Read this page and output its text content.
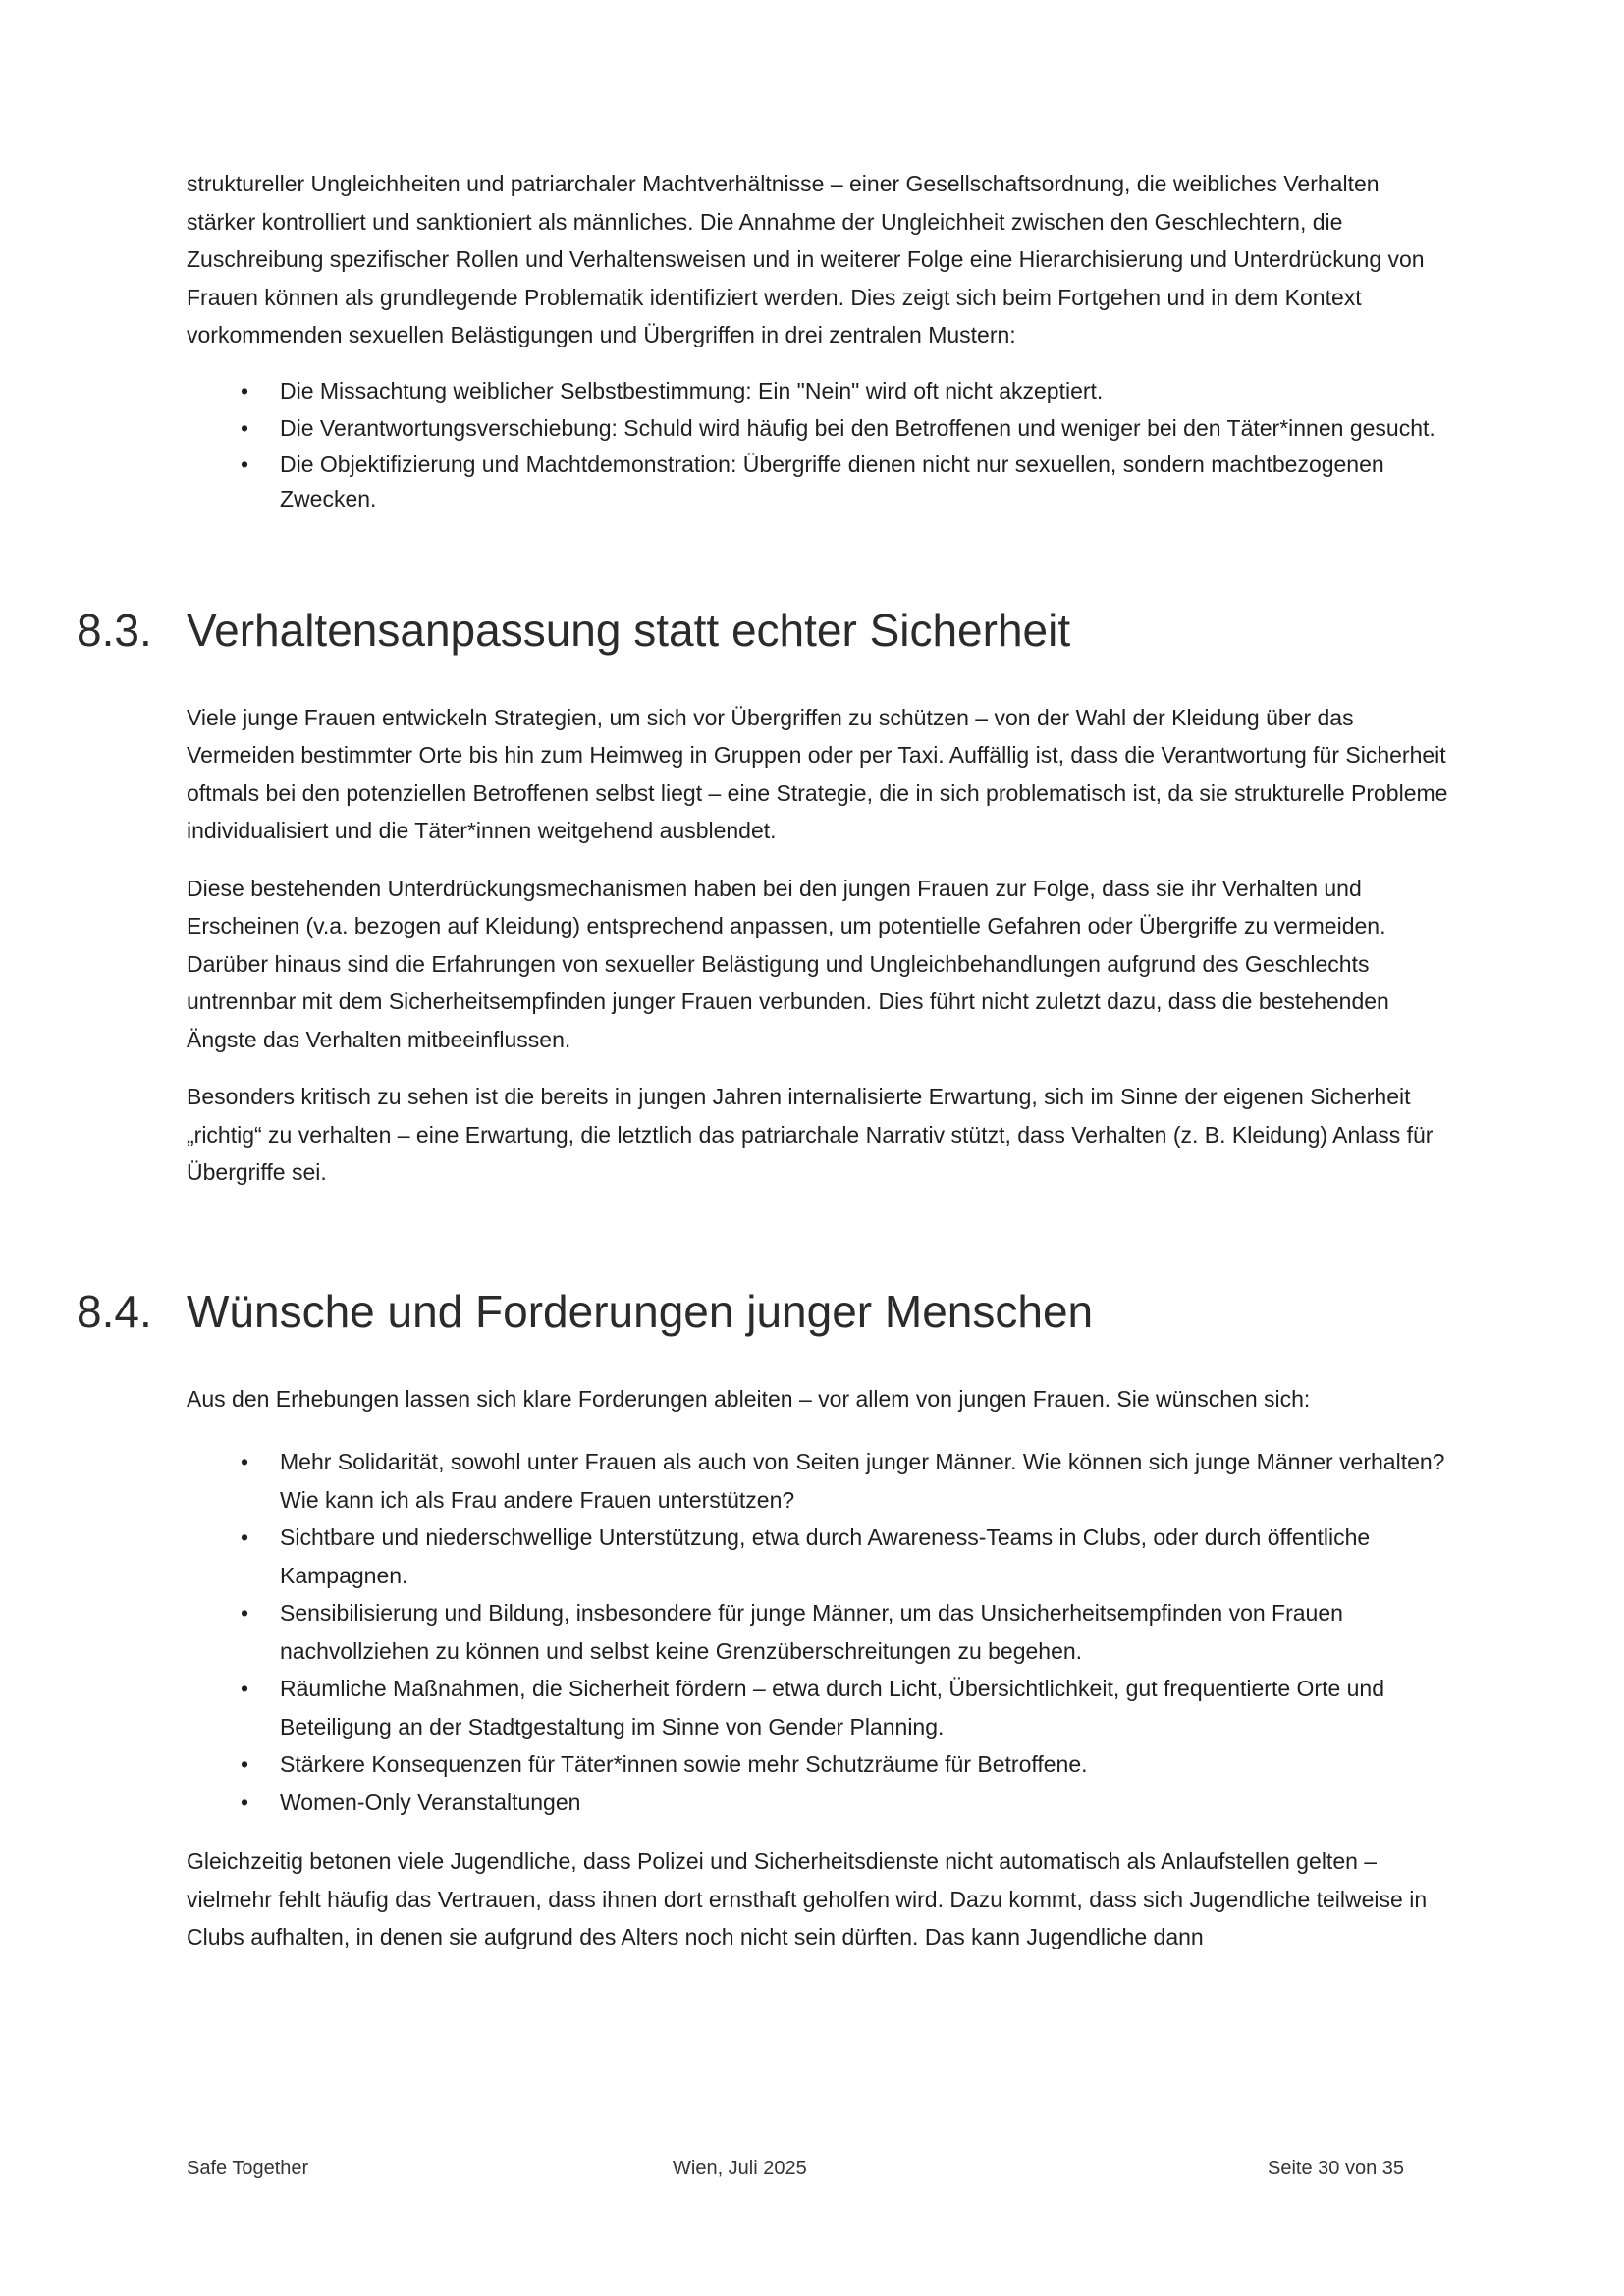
struktureller Ungleichheiten und patriarchaler Machtverhältnisse – einer Gesellschaftsordnung, die weibliches Verhalten stärker kontrolliert und sanktioniert als männliches. Die Annahme der Ungleichheit zwischen den Geschlechtern, die Zuschreibung spezifischer Rollen und Verhaltensweisen und in weiterer Folge eine Hierarchisierung und Unterdrückung von Frauen können als grundlegende Problematik identifiziert werden. Dies zeigt sich beim Fortgehen und in dem Kontext vorkommenden sexuellen Belästigungen und Übergriffen in drei zentralen Mustern:

• Die Missachtung weiblicher Selbstbestimmung: Ein "Nein" wird oft nicht akzeptiert.
• Die Verantwortungsverschiebung: Schuld wird häufig bei den Betroffenen und weniger bei den Täter*innen gesucht.
• Die Objektifizierung und Machtdemonstration: Übergriffe dienen nicht nur sexuellen, sondern machtbezogenen Zwecken.
8.3. Verhaltensanpassung statt echter Sicherheit

Viele junge Frauen entwickeln Strategien, um sich vor Übergriffen zu schützen – von der Wahl der Kleidung über das Vermeiden bestimmter Orte bis hin zum Heimweg in Gruppen oder per Taxi. Auffällig ist, dass die Verantwortung für Sicherheit oftmals bei den potenziellen Betroffenen selbst liegt – eine Strategie, die in sich problematisch ist, da sie strukturelle Probleme individualisiert und die Täter*innen weitgehend ausblendet.

Diese bestehenden Unterdrückungsmechanismen haben bei den jungen Frauen zur Folge, dass sie ihr Verhalten und Erscheinen (v.a. bezogen auf Kleidung) entsprechend anpassen, um potentielle Gefahren oder Übergriffe zu vermeiden. Darüber hinaus sind die Erfahrungen von sexueller Belästigung und Ungleichbehandlungen aufgrund des Geschlechts untrennbar mit dem Sicherheitsempfinden junger Frauen verbunden. Dies führt nicht zuletzt dazu, dass die bestehenden Ängste das Verhalten mitbeeinflussen.

Besonders kritisch zu sehen ist die bereits in jungen Jahren internalisierte Erwartung, sich im Sinne der eigenen Sicherheit „richtig“ zu verhalten – eine Erwartung, die letztlich das patriarchale Narrativ stützt, dass Verhalten (z. B. Kleidung) Anlass für Übergriffe sei.

8.4. Wünsche und Forderungen junger Menschen

Aus den Erhebungen lassen sich klare Forderungen ableiten – vor allem von jungen Frauen. Sie wünschen sich:

• Mehr Solidarität, sowohl unter Frauen als auch von Seiten junger Männer. Wie können sich junge Männer verhalten? Wie kann ich als Frau andere Frauen unterstützen?
• Sichtbare und niederschwellige Unterstützung, etwa durch Awareness-Teams in Clubs, oder durch öffentliche Kampagnen.
• Sensibilisierung und Bildung, insbesondere für junge Männer, um das Unsicherheitsempfinden von Frauen nachvollziehen zu können und selbst keine Grenzüberschreitungen zu begehen.
• Räumliche Maßnahmen, die Sicherheit fördern – etwa durch Licht, Übersichtlichkeit, gut frequentierte Orte und Beteiligung an der Stadtgestaltung im Sinne von Gender Planning.
• Stärkere Konsequenzen für Täter*innen sowie mehr Schutzräume für Betroffene.
• Women-Only Veranstaltungen

Gleichzeitig betonen viele Jugendliche, dass Polizei und Sicherheitsdienste nicht automatisch als Anlaufstellen gelten – vielmehr fehlt häufig das Vertrauen, dass ihnen dort ernsthaft geholfen wird. Dazu kommt, dass sich Jugendliche teilweise in Clubs aufhalten, in denen sie aufgrund des Alters noch nicht sein dürften. Das kann Jugendliche dann

Safe Together	Wien, Juli 2025	Seite 30 von 35
